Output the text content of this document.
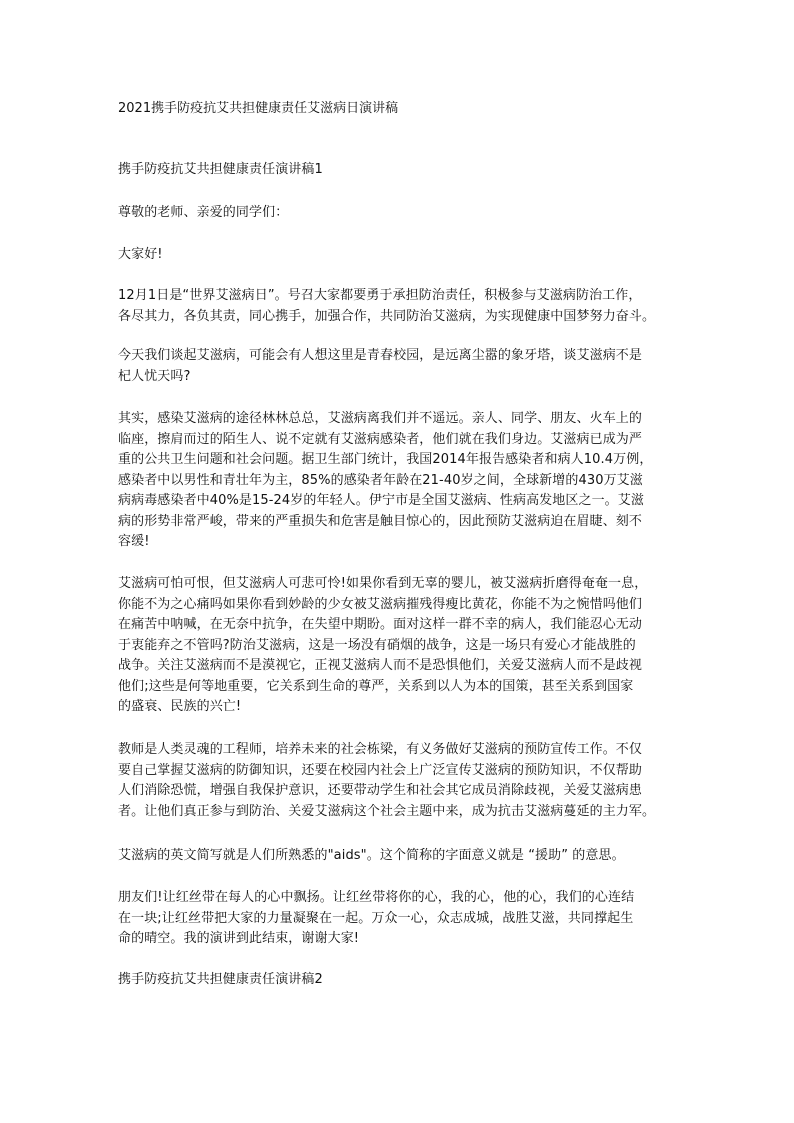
2021携手防疫抗艾共担健康责任艾滋病日演讲稿

携手防疫抗艾共担健康责任演讲稿1

尊敬的老师、亲爱的同学们：

大家好!

12月1日是“世界艾滋病日”。号召大家都要勇于承担防治责任，积极参与艾滋病防治工作，
各尽其力，各负其责，同心携手，加强合作，共同防治艾滋病，为实现健康中国梦努力奋斗。

今天我们谈起艾滋病，可能会有人想这里是青春校园，是远离尘嚣的象牙塔，谈艾滋病不是
杞人忧天吗?

其实，感染艾滋病的途径林林总总，艾滋病离我们并不遥远。亲人、同学、朋友、火车上的
临座，擦肩而过的陌生人、说不定就有艾滋病感染者，他们就在我们身边。艾滋病已成为严
重的公共卫生问题和社会问题。据卫生部门统计，我国2014年报告感染者和病人10.4万例，
感染者中以男性和青壮年为主，85%的感染者年龄在21-40岁之间，全球新增的430万艾滋
病病毒感染者中40%是15-24岁的年轻人。伊宁市是全国艾滋病、性病高发地区之一。艾滋
病的形势非常严峻，带来的严重损失和危害是触目惊心的，因此预防艾滋病迫在眉睫、刻不
容缓!

艾滋病可怕可恨，但艾滋病人可悲可怜!如果你看到无辜的婴儿，被艾滋病折磨得奄奄一息，
你能不为之心痛吗如果你看到妙龄的少女被艾滋病摧残得瘦比黄花，你能不为之惋惜吗他们
在痛苦中呐喊，在无奈中抗争，在失望中期盼。面对这样一群不幸的病人，我们能忍心无动
于衷能弃之不管吗?防治艾滋病，这是一场没有硝烟的战争，这是一场只有爱心才能战胜的
战争。关注艾滋病而不是漠视它，正视艾滋病人而不是恐惧他们，关爱艾滋病人而不是歧视
他们;这些是何等地重要，它关系到生命的尊严，关系到以人为本的国策，甚至关系到国家
的盛衰、民族的兴亡!

教师是人类灵魂的工程师，培养未来的社会栋梁，有义务做好艾滋病的预防宣传工作。不仅
要自己掌握艾滋病的防御知识，还要在校园内社会上广泛宣传艾滋病的预防知识，不仅帮助
人们消除恐慌，增强自我保护意识，还要带动学生和社会其它成员消除歧视，关爱艾滋病患
者。让他们真正参与到防治、关爱艾滋病这个社会主题中来，成为抗击艾滋病蔓延的主力军。

艾滋病的英文简写就是人们所熟悉的"aids"。这个简称的字面意义就是 “援助” 的意思。

朋友们!让红丝带在每人的心中飘扬。让红丝带将你的心，我的心，他的心，我们的心连结
在一块;让红丝带把大家的力量凝聚在一起。万众一心，众志成城，战胜艾滋，共同撑起生
命的晴空。我的演讲到此结束，谢谢大家!

携手防疫抗艾共担健康责任演讲稿2
